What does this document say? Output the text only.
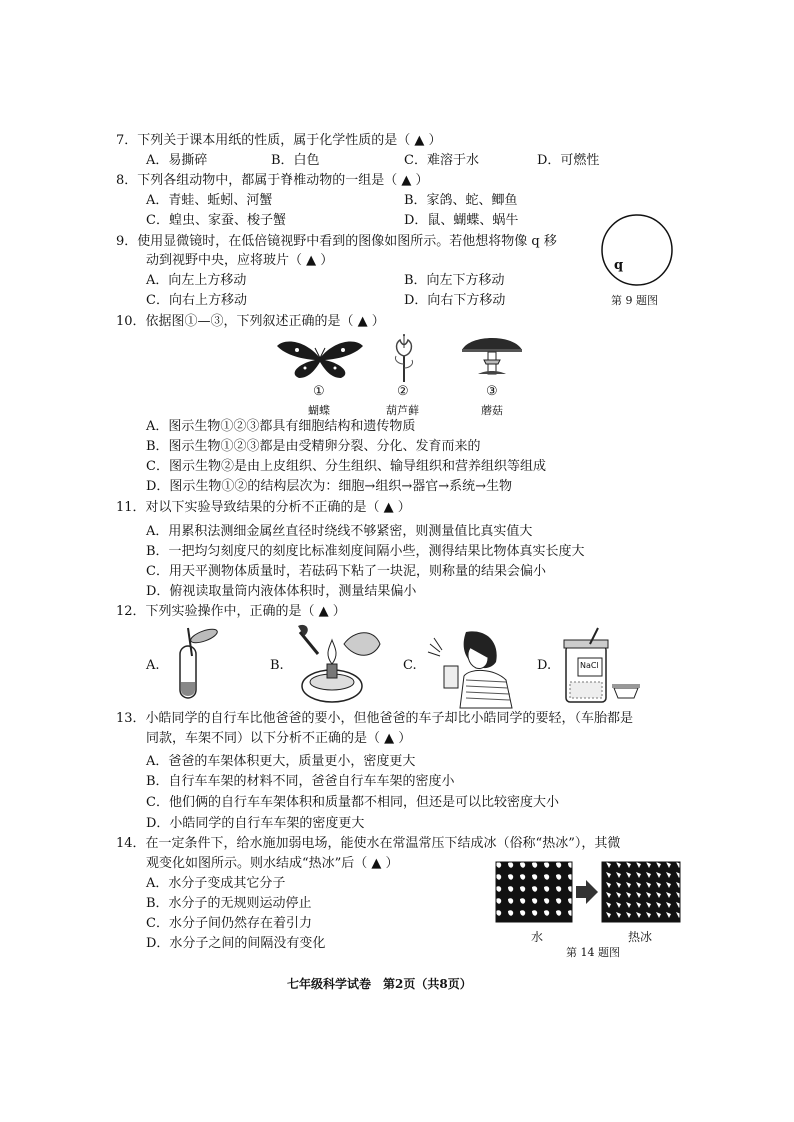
7．下列关于课本用纸的性质，属于化学性质的是（ ▲ ）
A．易撕碎	B．白色	C．难溶于水	D．可燃性
8．下列各组动物中，都属于脊椎动物的一组是（ ▲ ）
A．青蛙、蚯蚓、河蟹	B．家鸽、蛇、鲫鱼
C．蝗虫、家蚕、梭子蟹	D．鼠、蝴蝶、蜗牛
9．使用显微镜时，在低倍镜视野中看到的图像如图所示。若他想将物像 q 移
动到视野中央，应将玻片（ ▲ ）
A．向左上方移动	B．向左下方移动
C．向右上方移动	D．向右下方移动
q
第 9 题图
10．依据图①—③，下列叙述正确的是（ ▲ ）
①
蝴蝶
②
葫芦藓
③
蘑菇
A．图示生物①②③都具有细胞结构和遗传物质
B．图示生物①②③都是由受精卵分裂、分化、发育而来的
C．图示生物②是由上皮组织、分生组织、输导组织和营养组织等组成
D．图示生物①②的结构层次为：细胞→组织→器官→系统→生物
11．对以下实验导致结果的分析不正确的是（ ▲ ）
A．用累积法测细金属丝直径时绕线不够紧密，则测量值比真实值大
B．一把均匀刻度尺的刻度比标准刻度间隔小些，测得结果比物体真实长度大
C．用天平测物体质量时，若砝码下粘了一块泥，则称量的结果会偏小
D．俯视读取量筒内液体体积时，测量结果偏小
12．下列实验操作中，正确的是（ ▲ ）
A.	B.	C.	D.	NaCl
13．小皓同学的自行车比他爸爸的要小，但他爸爸的车子却比小皓同学的要轻，（车胎都是
同款，车架不同）以下分析不正确的是（ ▲ ）
A．爸爸的车架体积更大，质量更小，密度更大
B．自行车车架的材料不同，爸爸自行车车架的密度小
C．他们俩的自行车车架体积和质量都不相同，但还是可以比较密度大小
D．小皓同学的自行车车架的密度更大
14．在一定条件下，给水施加弱电场，能使水在常温常压下结成冰（俗称“热冰”），其微
观变化如图所示。则水结成“热冰”后（ ▲ ）
A．水分子变成其它分子
B．水分子的无规则运动停止
C．水分子间仍然存在着引力
D．水分子之间的间隔没有变化	水	热冰
第 14 题图
七年级科学试卷　第2页（共8页）
